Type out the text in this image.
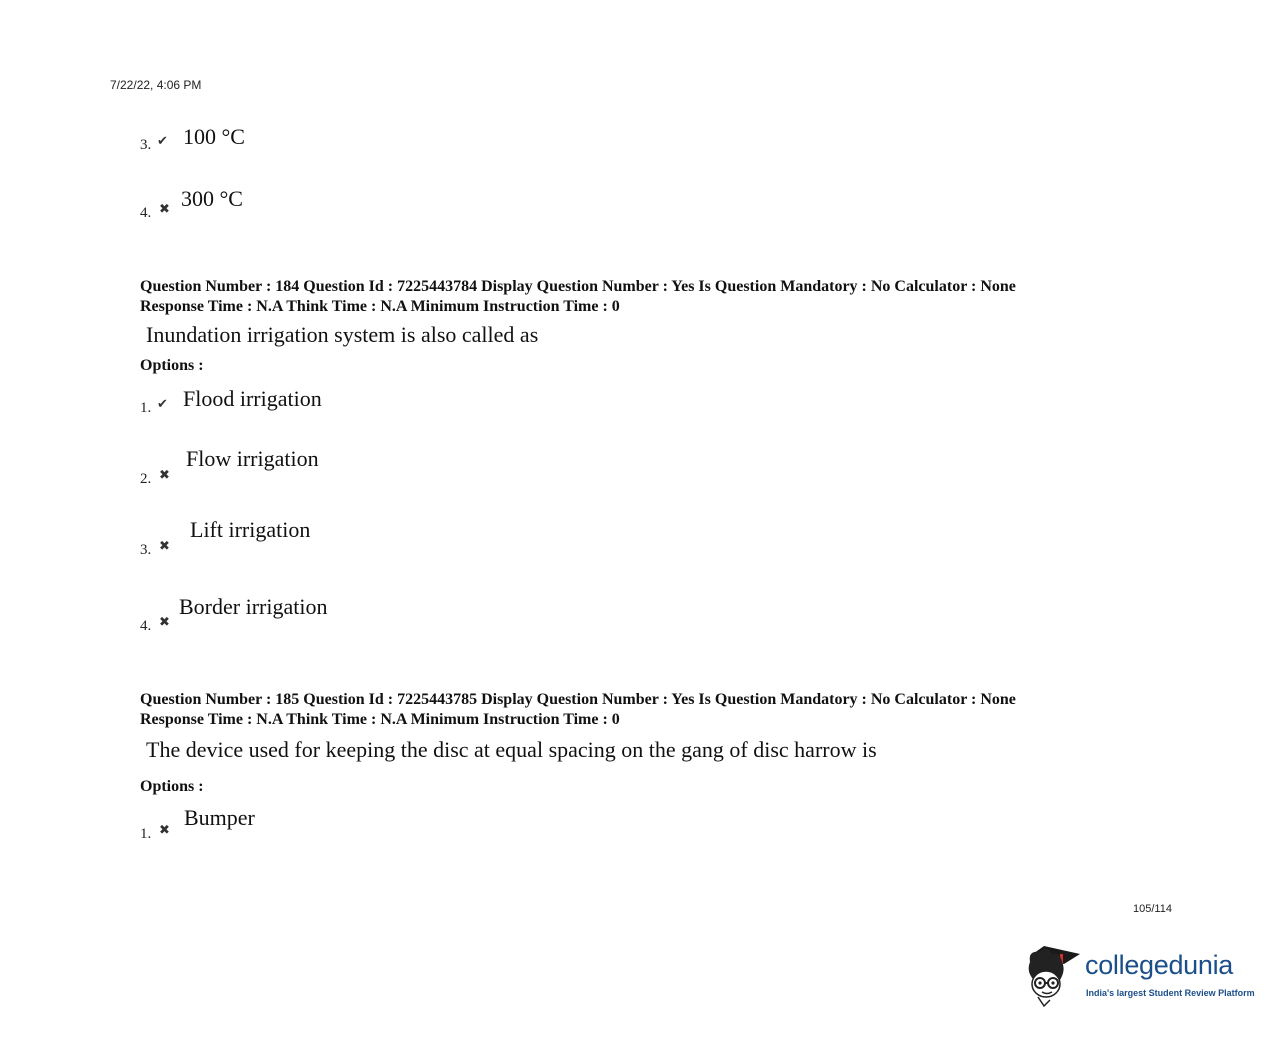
7/22/22, 4:06 PM
3. ✔ 100 °C
4. ✖ 300 °C
Question Number : 184 Question Id : 7225443784 Display Question Number : Yes Is Question Mandatory : No Calculator : None
Response Time : N.A Think Time : N.A Minimum Instruction Time : 0
Inundation irrigation system is also called as
Options :
1. ✔ Flood irrigation
2. ✖
Flow irrigation
3. ✖
Lift irrigation
4. ✖
Border irrigation
Question Number : 185 Question Id : 7225443785 Display Question Number : Yes Is Question Mandatory : No Calculator : None
Response Time : N.A Think Time : N.A Minimum Instruction Time : 0
The device used for keeping the disc at equal spacing on the gang of disc harrow is
Options :
1. ✖
Bumper
105/114
collegedunia
India's largest Student Review Platform
